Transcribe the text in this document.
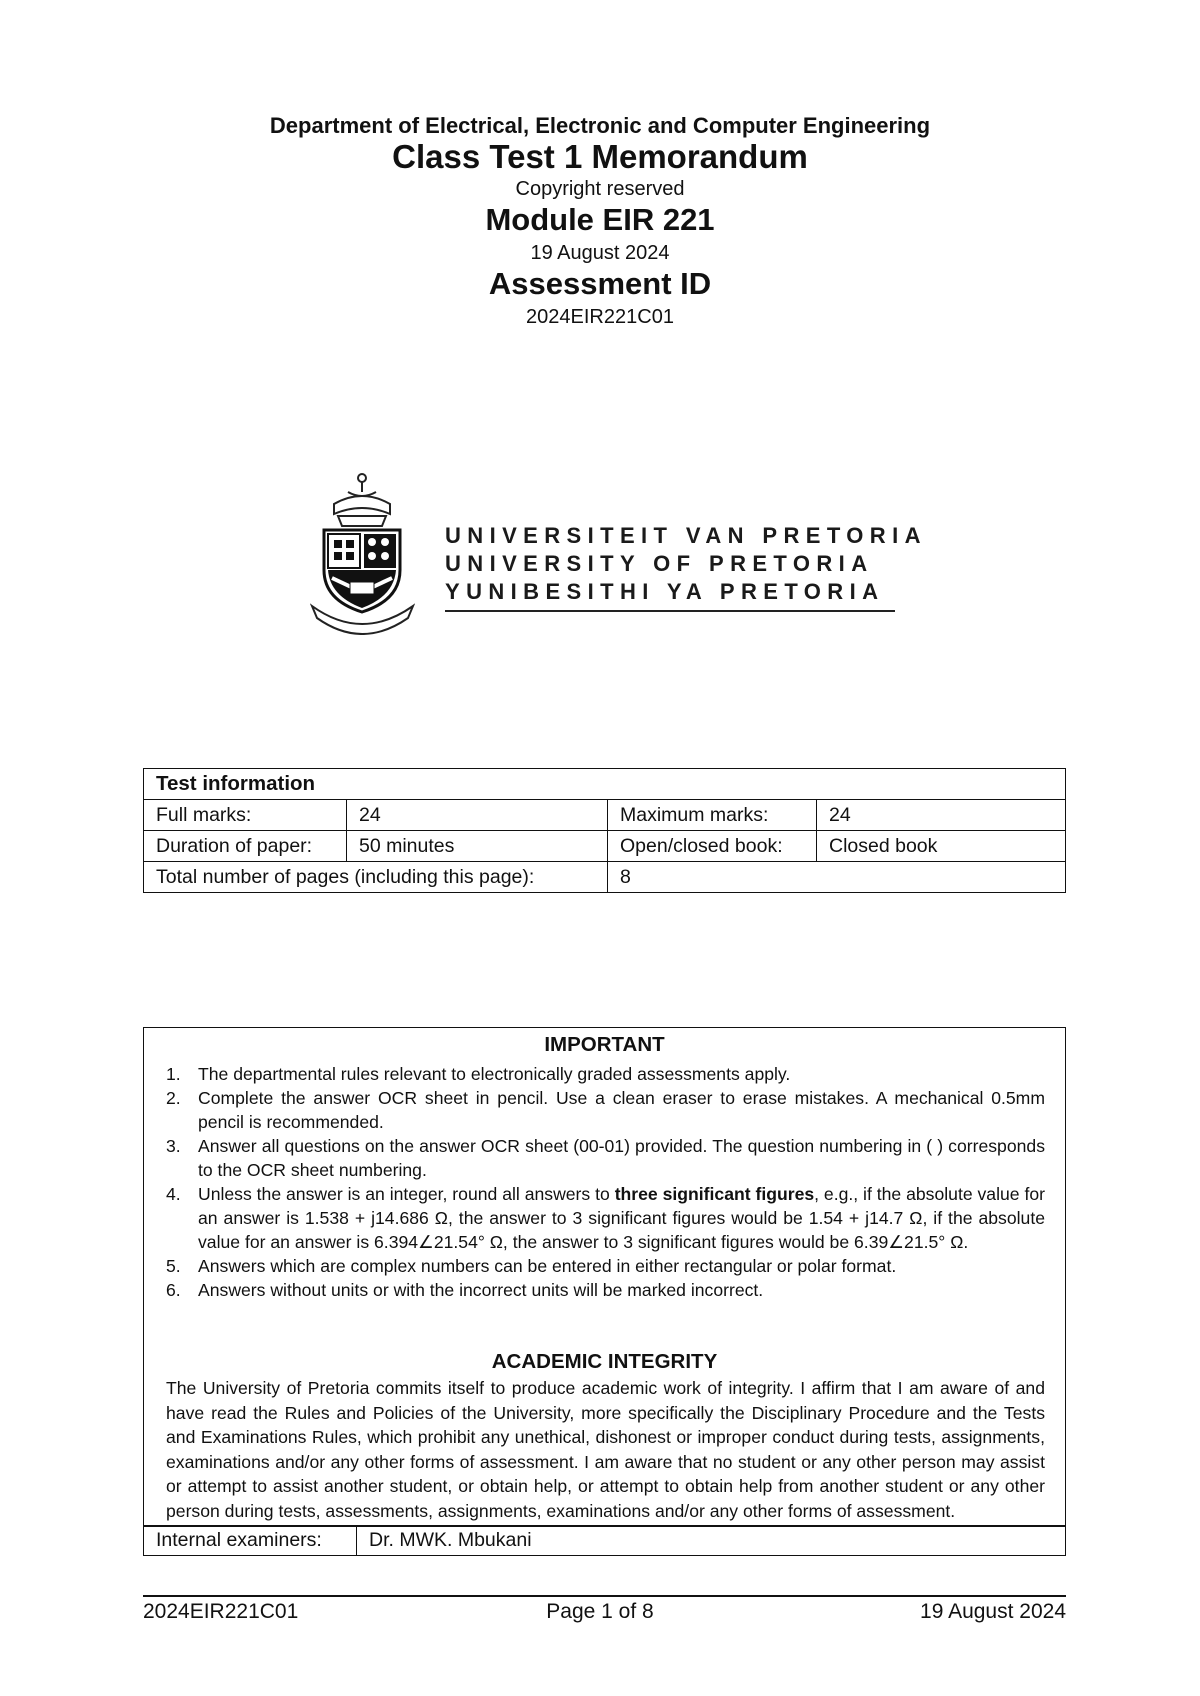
Department of Electrical, Electronic and Computer Engineering
Class Test 1 Memorandum
Copyright reserved
Module EIR 221
19 August 2024
Assessment ID
2024EIR221C01
UNIVERSITEIT VAN PRETORIA
UNIVERSITY OF PRETORIA
YUNIBESITHI YA PRETORIA
Test information			
Full marks:	24	Maximum marks:	24
Duration of paper:	50 minutes	Open/closed book:	Closed book
Total number of pages (including this page):		8	
IMPORTANT
1. The departmental rules relevant to electronically graded assessments apply.
2. Complete the answer OCR sheet in pencil. Use a clean eraser to erase mistakes. A mechanical 0.5mm pencil is recommended.
3. Answer all questions on the answer OCR sheet (00-01) provided. The question numbering in ( ) corresponds to the OCR sheet numbering.
4. Unless the answer is an integer, round all answers to three significant figures, e.g., if the absolute value for an answer is 1.538 + j14.686 Ω, the answer to 3 significant figures would be 1.54 + j14.7 Ω, if the absolute value for an answer is 6.394∠21.54° Ω, the answer to 3 significant figures would be 6.39∠21.5° Ω.
5. Answers which are complex numbers can be entered in either rectangular or polar format.
6. Answers without units or with the incorrect units will be marked incorrect.
ACADEMIC INTEGRITY
The University of Pretoria commits itself to produce academic work of integrity. I affirm that I am aware of and have read the Rules and Policies of the University, more specifically the Disciplinary Procedure and the Tests and Examinations Rules, which prohibit any unethical, dishonest or improper conduct during tests, assignments, examinations and/or any other forms of assessment. I am aware that no student or any other person may assist or attempt to assist another student, or obtain help, or attempt to obtain help from another student or any other person during tests, assessments, assignments, examinations and/or any other forms of assessment.
Internal examiners:	Dr. MWK. Mbukani
2024EIR221C01	Page 1 of 8	19 August 2024
